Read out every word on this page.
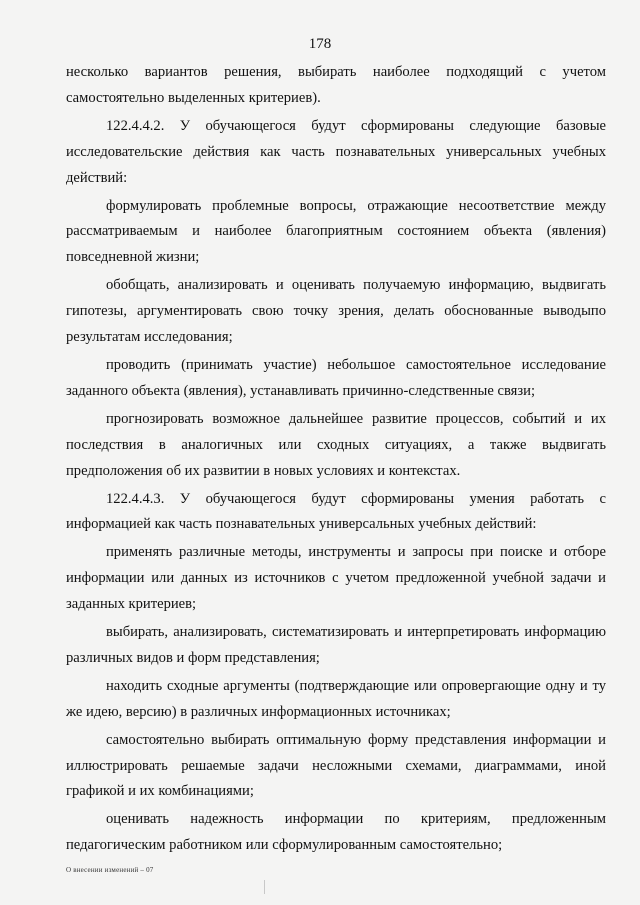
178

несколько вариантов решения, выбирать наиболее подходящий с учетом самостоятельно выделенных критериев).

122.4.4.2. У обучающегося будут сформированы следующие базовые исследовательские действия как часть познавательных универсальных учебных действий:

формулировать проблемные вопросы, отражающие несоответствие между рассматриваемым и наиболее благоприятным состоянием объекта (явления) повседневной жизни;

обобщать, анализировать и оценивать получаемую информацию, выдвигать гипотезы, аргументировать свою точку зрения, делать обоснованные выводыпо результатам исследования;

проводить (принимать участие) небольшое самостоятельное исследование заданного объекта (явления), устанавливать причинно-следственные связи;

прогнозировать возможное дальнейшее развитие процессов, событий и их последствия в аналогичных или сходных ситуациях, а также выдвигать предположения об их развитии в новых условиях и контекстах.

122.4.4.3. У обучающегося будут сформированы умения работать с информацией как часть познавательных универсальных учебных действий:

применять различные методы, инструменты и запросы при поиске и отборе информации или данных из источников с учетом предложенной учебной задачи и заданных критериев;

выбирать, анализировать, систематизировать и интерпретировать информацию различных видов и форм представления;

находить сходные аргументы (подтверждающие или опровергающие одну и ту же идею, версию) в различных информационных источниках;

самостоятельно выбирать оптимальную форму представления информации и иллюстрировать решаемые задачи несложными схемами, диаграммами, иной графикой и их комбинациями;

оценивать надежность информации по критериям, предложенным педагогическим работником или сформулированным самостоятельно;

О внесении изменений – 07
